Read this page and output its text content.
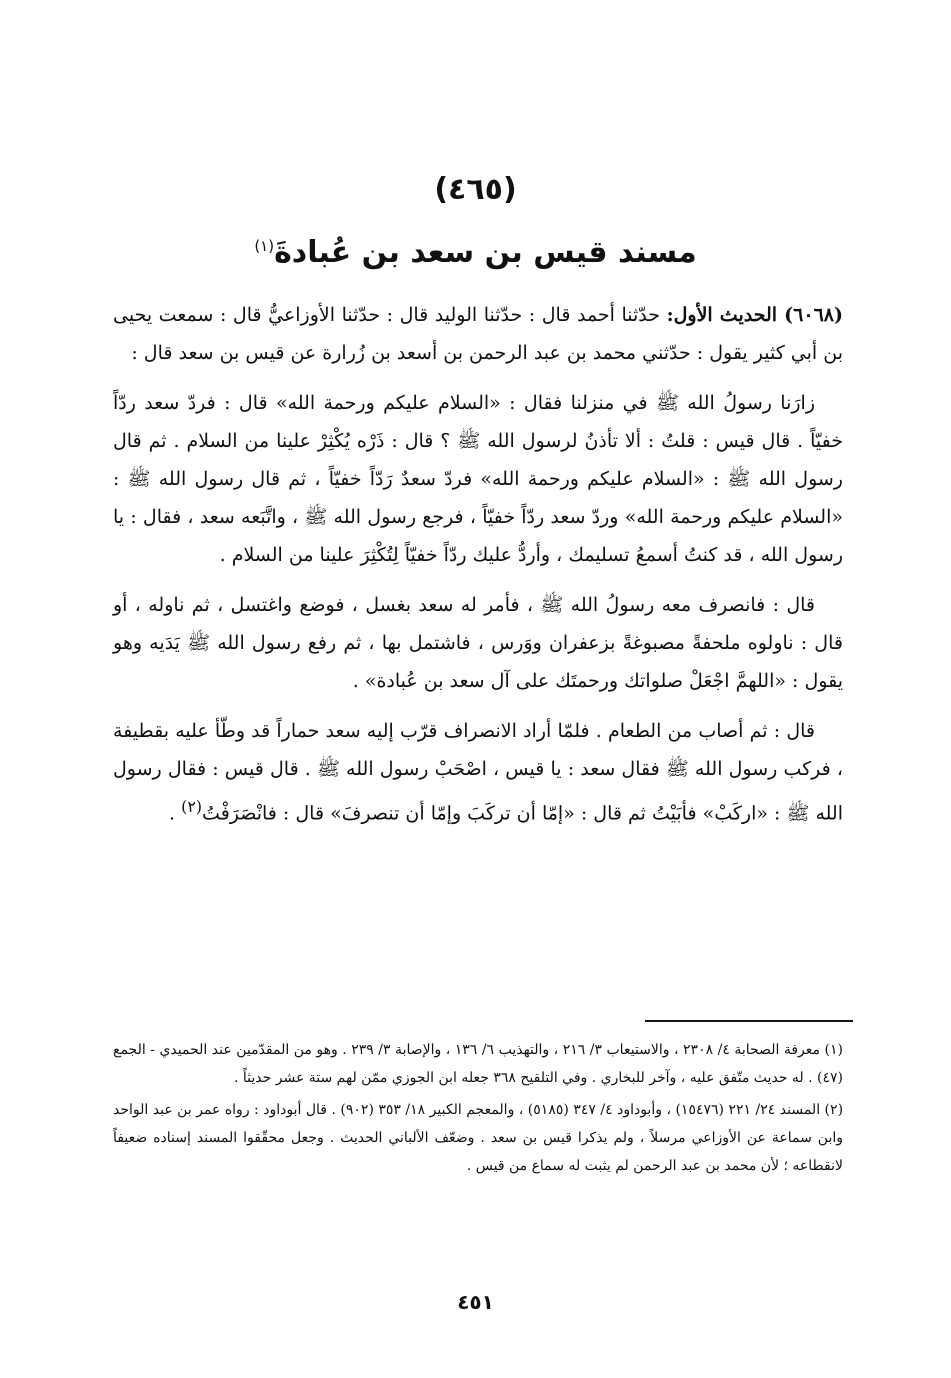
(٤٦٥)
مسند قيس بن سعد بن عُبادةَ$^{(١)}$

(٦٠٦٨) الحديث الأول: حدّثنا أحمد قال : حدّثنا الوليد قال : حدّثنا الأوزاعيُّ قال : سمعت يحيى بن أبي كثير يقول : حدّثني محمد بن عبد الرحمن بن أسعد بن زُرارة عن قيس بن سعد قال :

زارَنا رسولُ الله ﷺ في منزلنا فقال : «السلام عليكم ورحمة الله» قال : فردّ سعد ردّاً خفيّاً . قال قيس : قلتُ : ألا تأذنُ لرسول الله ﷺ ؟ قال : ذَرْه يُكْثِرْ علينا من السلام . ثم قال رسول الله ﷺ : «السلام عليكم ورحمة الله» فردّ سعدٌ رَدّاً خفيّاً ، ثم قال رسول الله ﷺ : «السلام عليكم ورحمة الله» وردّ سعد ردّاً خفيّاً ، فرجع رسول الله ﷺ ، واتَّبَعه سعد ، فقال : يا رسول الله ، قد كنتُ أسمعُ تسليمك ، وأردُّ عليك ردّاً خفيّاً لِتُكْثِرَ علينا من السلام .

قال : فانصرف معه رسولُ الله ﷺ ، فأمر له سعد بغسل ، فوضع واغتسل ، ثم ناوله ، أو قال : ناولوه ملحفةً مصبوغةً بزعفران ووَرس ، فاشتمل بها ، ثم رفع رسول الله ﷺ يَدَيه وهو يقول : «اللهمَّ اجْعَلْ صلواتك ورحمتَك على آل سعد بن عُبادة» .

قال : ثم أصاب من الطعام . فلمّا أراد الانصراف قرّب إليه سعد حماراً قد وطّأ عليه بقطيفة ، فركب رسول الله ﷺ فقال سعد : يا قيس ، اصْحَبْ رسول الله ﷺ . قال قيس : فقال رسول الله ﷺ : «اركَبْ» فأبَيْتُ ثم قال : «إمّا أن تركَبَ وإمّا أن تنصرفَ» قال : فانْصَرَفْتُ$^{(٢)}$ .

(١) معرفة الصحابة ٤/ ٢٣٠٨ ، والاستيعاب ٣/ ٢١٦ ، والتهذيب ٦/ ١٣٦ ، والإصابة ٣/ ٢٣٩ . وهو من المقدّمين عند الحميدي - الجمع (٤٧) . له حديث متّفق عليه ، وآخر للبخاري . وفي التلقيح ٣٦٨ جعله ابن الجوزي ممّن لهم ستة عشر حديثاً .

(٢) المسند ٢٤/ ٢٢١ (١٥٤٧٦) ، وأبوداود ٤/ ٣٤٧ (٥١٨٥) ، والمعجم الكبير ١٨/ ٣٥٣ (٩٠٢) . قال أبوداود : رواه عمر بن عبد الواحد وابن سماعة عن الأوزاعي مرسلاً ، ولم يذكرا قيس بن سعد . وضعّف الألباني الحديث . وجعل محقّقوا المسند إسناده ضعيفاً لانقطاعه ؛ لأن محمد بن عبد الرحمن لم يثبت له سماع من قيس .

٤٥١
